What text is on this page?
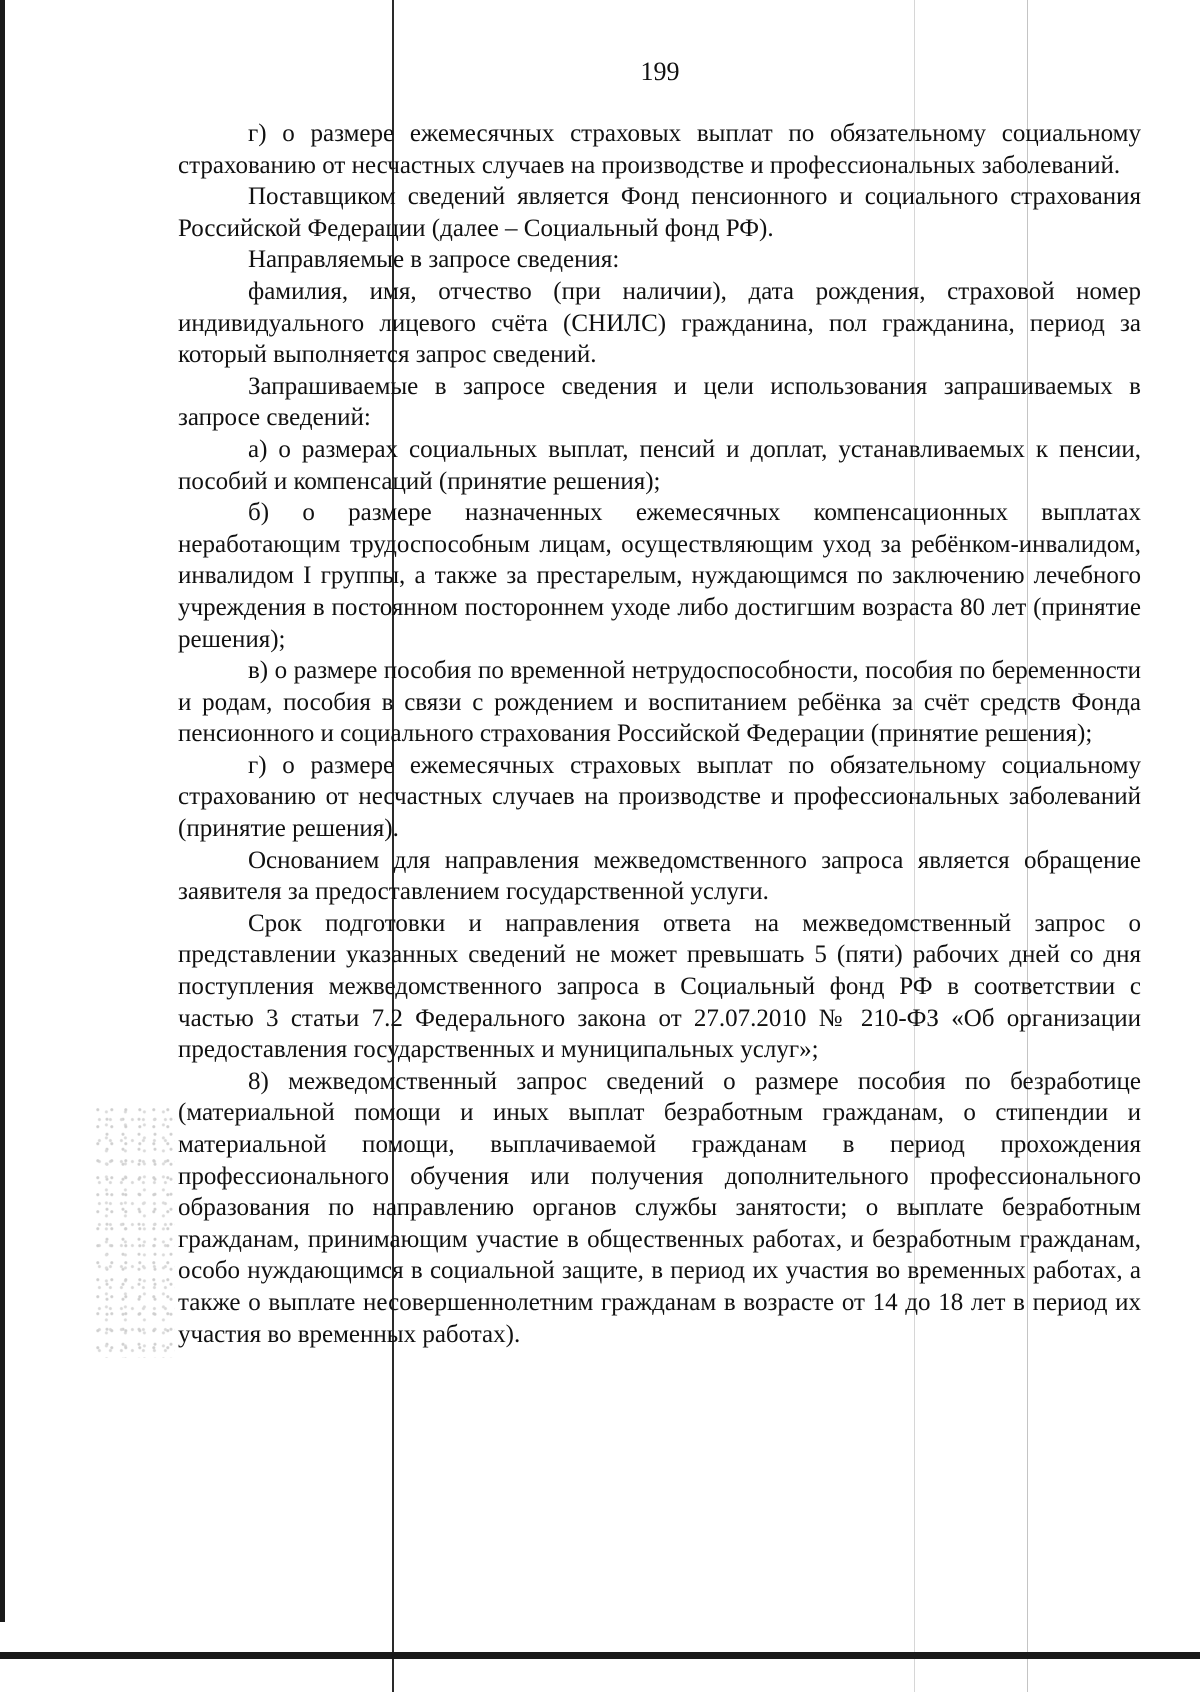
199

г) о размере ежемесячных страховых выплат по обязательному социальному страхованию от несчастных случаев на производстве и профессиональных заболеваний.

Поставщиком сведений является Фонд пенсионного и социального страхования Российской Федерации (далее – Социальный фонд РФ).

Направляемые в запросе сведения:

фамилия, имя, отчество (при наличии), дата рождения, страховой номер индивидуального лицевого счёта (СНИЛС) гражданина, пол гражданина, период за который выполняется запрос сведений.

Запрашиваемые в запросе сведения и цели использования запрашиваемых в запросе сведений:

а) о размерах социальных выплат, пенсий и доплат, устанавливаемых к пенсии, пособий и компенсаций (принятие решения);

б) о размере назначенных ежемесячных компенсационных выплатах неработающим трудоспособным лицам, осуществляющим уход за ребёнком-инвалидом, инвалидом I группы, а также за престарелым, нуждающимся по заключению лечебного учреждения в постоянном постороннем уходе либо достигшим возраста 80 лет (принятие решения);

в) о размере пособия по временной нетрудоспособности, пособия по беременности и родам, пособия в связи с рождением и воспитанием ребёнка за счёт средств Фонда пенсионного и социального страхования Российской Федерации (принятие решения);

г) о размере ежемесячных страховых выплат по обязательному социальному страхованию от несчастных случаев на производстве и профессиональных заболеваний (принятие решения).

Основанием для направления межведомственного запроса является обращение заявителя за предоставлением государственной услуги.

Срок подготовки и направления ответа на межведомственный запрос о представлении указанных сведений не может превышать 5 (пяти) рабочих дней со дня поступления межведомственного запроса в Социальный фонд РФ в соответствии с частью 3 статьи 7.2 Федерального закона от 27.07.2010 № 210-ФЗ «Об организации предоставления государственных и муниципальных услуг»;

8) межведомственный запрос сведений о размере пособия по безработице (материальной помощи и иных выплат безработным гражданам, о стипендии и материальной помощи, выплачиваемой гражданам в период прохождения профессионального обучения или получения дополнительного профессионального образования по направлению органов службы занятости; о выплате безработным гражданам, принимающим участие в общественных работах, и безработным гражданам, особо нуждающимся в социальной защите, в период их участия во временных работах, а также о выплате несовершеннолетним гражданам в возрасте от 14 до 18 лет в период их участия во временных работах).
